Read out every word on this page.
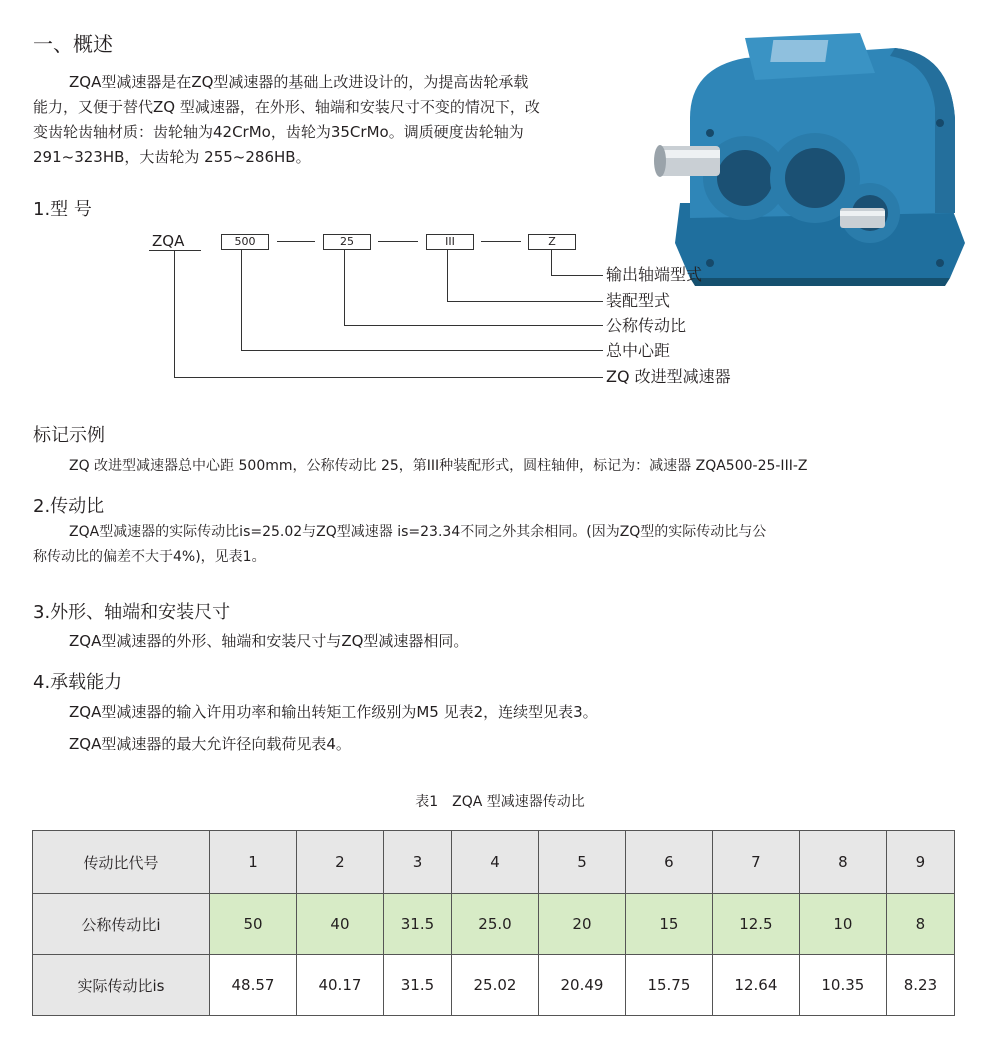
一、概述
ZQA型减速器是在ZQ型减速器的基础上改进设计的，为提高齿轮承载
能力，又便于替代ZQ 型减速器，在外形、轴端和安装尺寸不变的情况下，改
变齿轮齿轴材质：齿轮轴为42CrMo，齿轮为35CrMo。调质硬度齿轮轴为
291~323HB，大齿轮为 255~286HB。
1.型 号
ZQA	500	25	III	Z
输出轴端型式
装配型式
公称传动比
总中心距
ZQ 改进型减速器
标记示例
ZQ 改进型减速器总中心距 500mm，公称传动比 25，第III种装配形式，圆柱轴伸，标记为：减速器 ZQA500-25-III-Z
2.传动比
ZQA型减速器的实际传动比is=25.02与ZQ型减速器 is=23.34不同之外其余相同。(因为ZQ型的实际传动比与公
称传动比的偏差不大于4%)，见表1。
3.外形、轴端和安装尺寸
ZQA型减速器的外形、轴端和安装尺寸与ZQ型减速器相同。
4.承载能力
ZQA型减速器的输入许用功率和输出转矩工作级别为M5 见表2，连续型见表3。
ZQA型减速器的最大允许径向载荷见表4。
表1　ZQA 型减速器传动比
传动比代号	1	2	3	4	5	6	7	8	9
公称传动比i	50	40	31.5	25.0	20	15	12.5	10	8
实际传动比is	48.57	40.17	31.5	25.02	20.49	15.75	12.64	10.35	8.23
